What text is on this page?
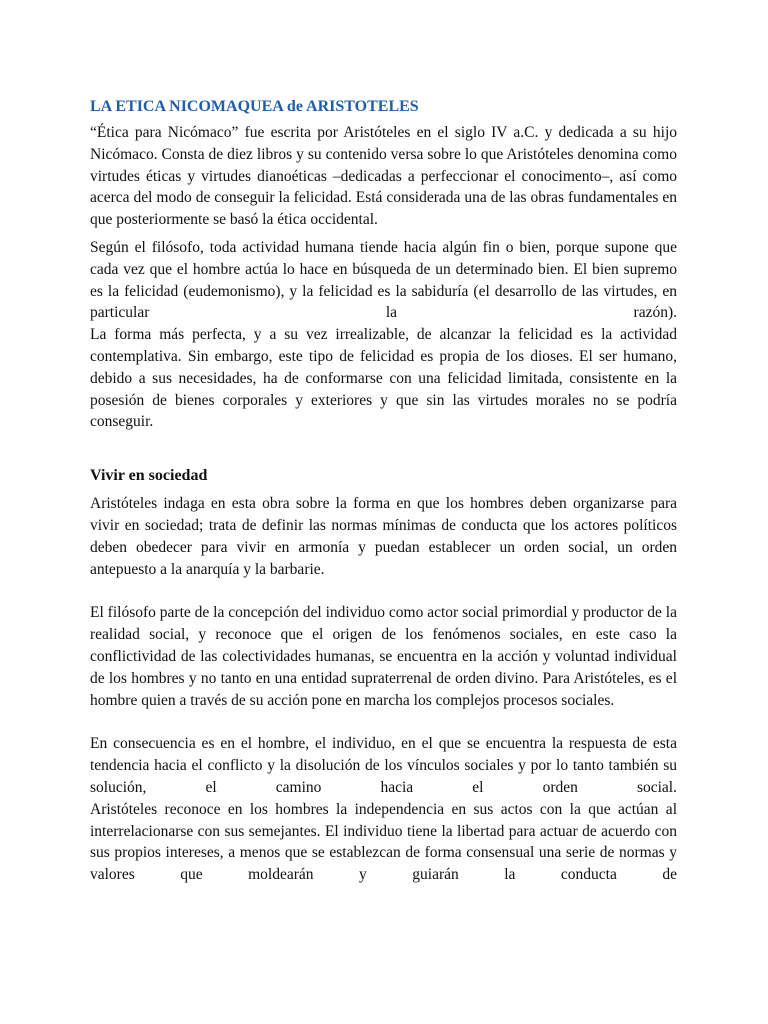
LA ETICA NICOMAQUEA de ARISTOTELES

“Ética para Nicómaco” fue escrita por Aristóteles en el siglo IV a.C. y dedicada a su hijo Nicómaco. Consta de diez libros y su contenido versa sobre lo que Aristóteles denomina como virtudes éticas y virtudes dianoéticas –dedicadas a perfeccionar el conocimento–, así como acerca del modo de conseguir la felicidad. Está considerada una de las obras fundamentales en que posteriormente se basó la ética occidental.

Según el filósofo, toda actividad humana tiende hacia algún fin o bien, porque supone que cada vez que el hombre actúa lo hace en búsqueda de un determinado bien. El bien supremo es la felicidad (eudemonismo), y la felicidad es la sabiduría (el desarrollo de las virtudes, en particular la razón).

La forma más perfecta, y a su vez irrealizable, de alcanzar la felicidad es la actividad contemplativa. Sin embargo, este tipo de felicidad es propia de los dioses. El ser humano, debido a sus necesidades, ha de conformarse con una felicidad limitada, consistente en la posesión de bienes corporales y exteriores y que sin las virtudes morales no se podría conseguir.

Vivir en sociedad

Aristóteles indaga en esta obra sobre la forma en que los hombres deben organizarse para vivir en sociedad; trata de definir las normas mínimas de conducta que los actores políticos deben obedecer para vivir en armonía y puedan establecer un orden social, un orden antepuesto a la anarquía y la barbarie.

El filósofo parte de la concepción del individuo como actor social primordial y productor de la realidad social, y reconoce que el origen de los fenómenos sociales, en este caso la conflictividad de las colectividades humanas, se encuentra en la acción y voluntad individual de los hombres y no tanto en una entidad supraterrenal de orden divino. Para Aristóteles, es el hombre quien a través de su acción pone en marcha los complejos procesos sociales.

En consecuencia es en el hombre, el individuo, en el que se encuentra la respuesta de esta tendencia hacia el conflicto y la disolución de los vínculos sociales y por lo tanto también su solución, el camino hacia el orden social.

Aristóteles reconoce en los hombres la independencia en sus actos con la que actúan al interrelacionarse con sus semejantes. El individuo tiene la libertad para actuar de acuerdo con sus propios intereses, a menos que se establezcan de forma consensual una serie de normas y valores que moldearán y guiarán la conducta de
